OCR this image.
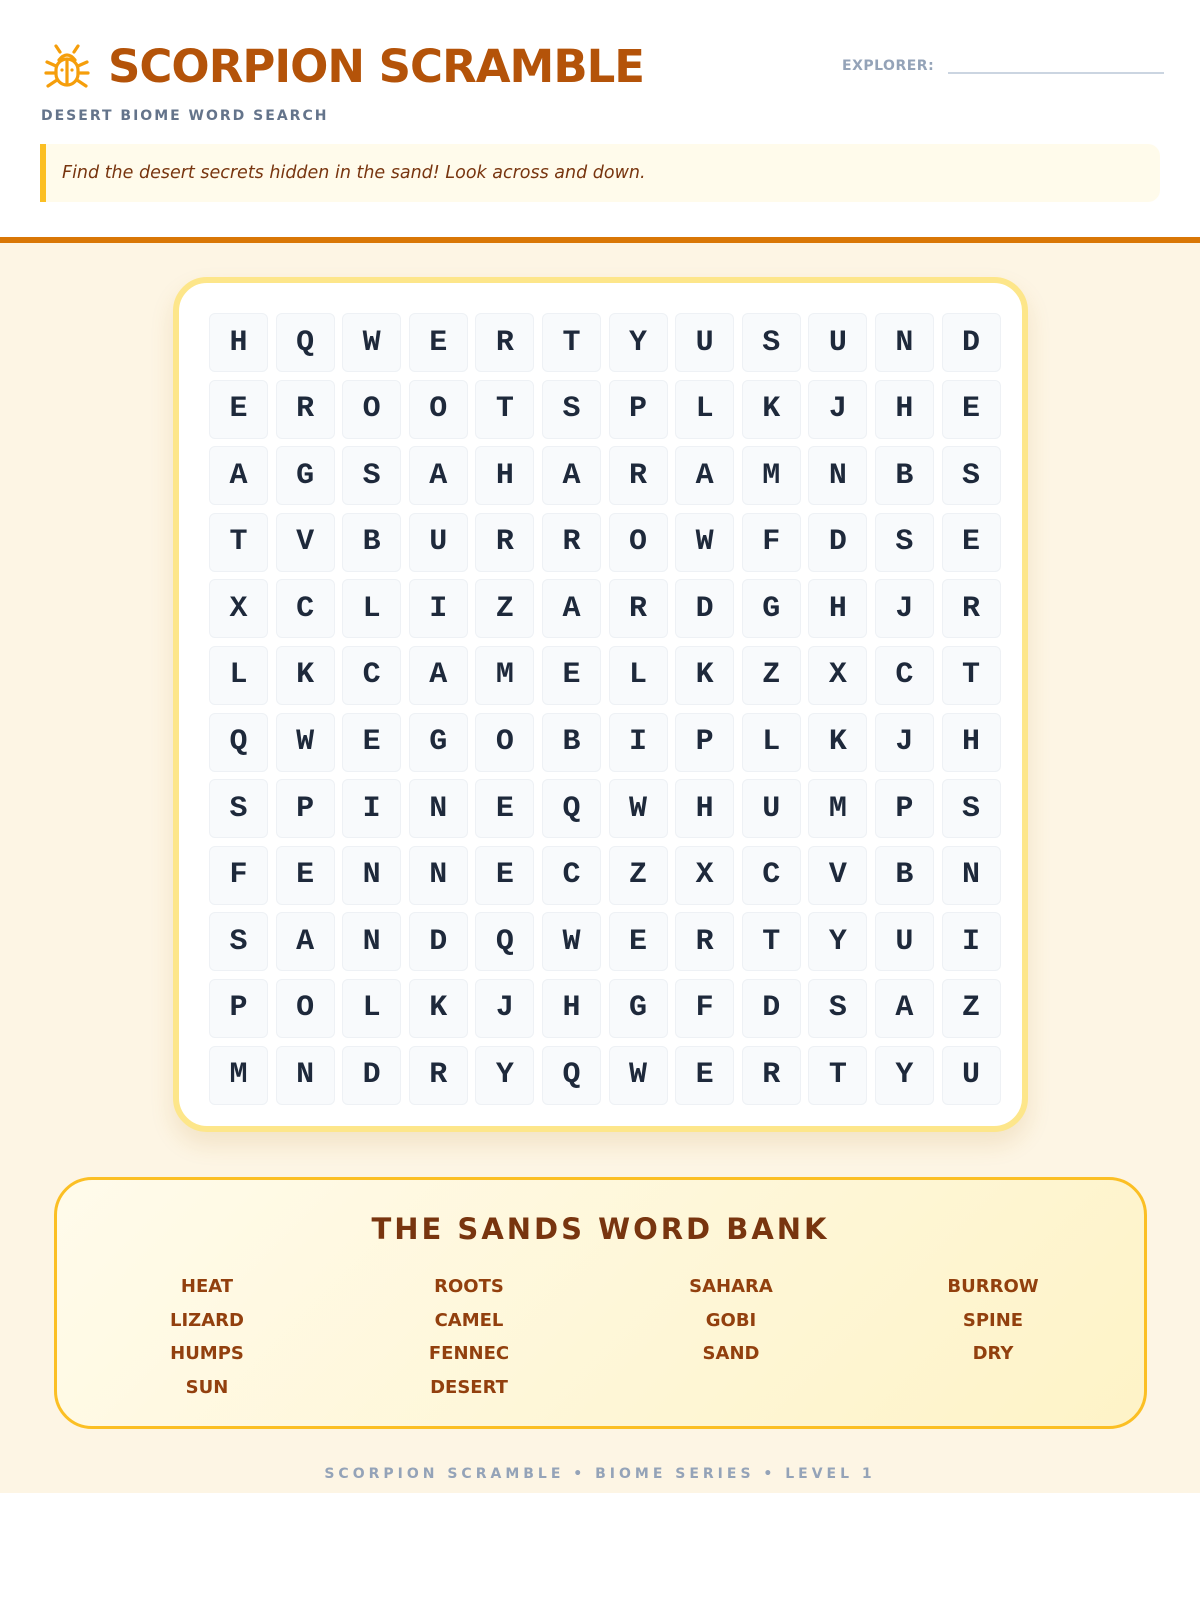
SCORPION SCRAMBLE
DESERT BIOME WORD SEARCH
EXPLORER:
Find the desert secrets hidden in the sand! Look across and down.
H	Q	W	E	R	T	Y	U	S	U	N	D
E	R	O	O	T	S	P	L	K	J	H	E
A	G	S	A	H	A	R	A	M	N	B	S
T	V	B	U	R	R	O	W	F	D	S	E
X	C	L	I	Z	A	R	D	G	H	J	R
L	K	C	A	M	E	L	K	Z	X	C	T
Q	W	E	G	O	B	I	P	L	K	J	H
S	P	I	N	E	Q	W	H	U	M	P	S
F	E	N	N	E	C	Z	X	C	V	B	N
S	A	N	D	Q	W	E	R	T	Y	U	I
P	O	L	K	J	H	G	F	D	S	A	Z
M	N	D	R	Y	Q	W	E	R	T	Y	U
THE SANDS WORD BANK
HEAT
LIZARD
HUMPS
SUN
ROOTS
CAMEL
FENNEC
DESERT
SAHARA
GOBI
SAND
BURROW
SPINE
DRY
SCORPION SCRAMBLE • BIOME SERIES • LEVEL 1
